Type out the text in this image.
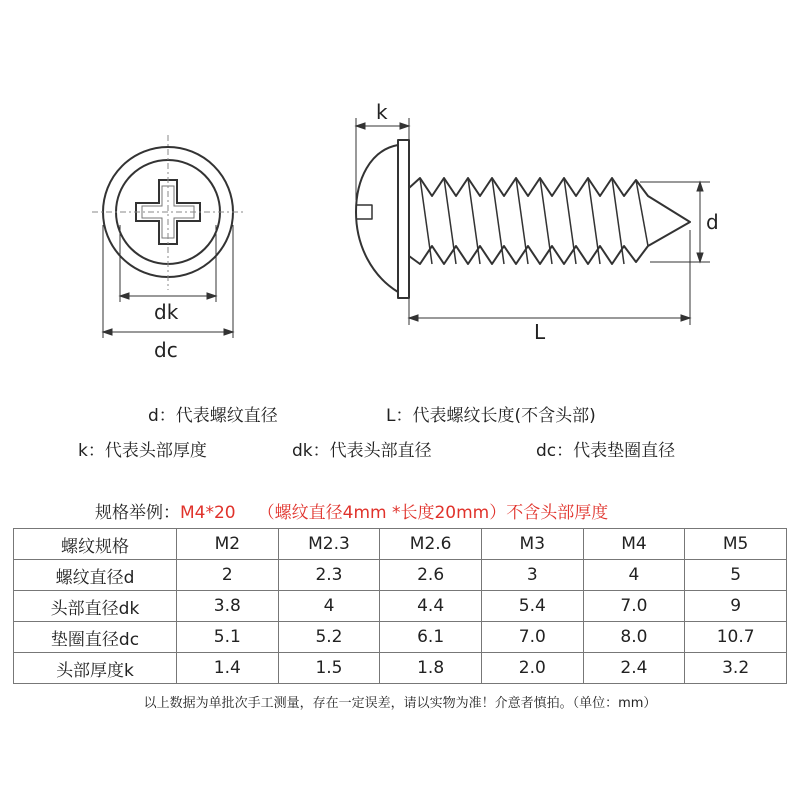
k
d
L
dk
dc
d：代表螺纹直径	L：代表螺纹长度(不含头部)
k：代表头部厚度	dk：代表头部直径	dc：代表垫圈直径
规格举例：M4*20 （螺纹直径4mm *长度20mm）不含头部厚度
螺纹规格	M2	M2.3	M2.6	M3	M4	M5
螺纹直径d	2	2.3	2.6	3	4	5
头部直径dk	3.8	4	4.4	5.4	7.0	9
垫圈直径dc	5.1	5.2	6.1	7.0	8.0	10.7
头部厚度k	1.4	1.5	1.8	2.0	2.4	3.2
以上数据为单批次手工测量，存在一定误差，请以实物为准！介意者慎拍。（单位：mm）
